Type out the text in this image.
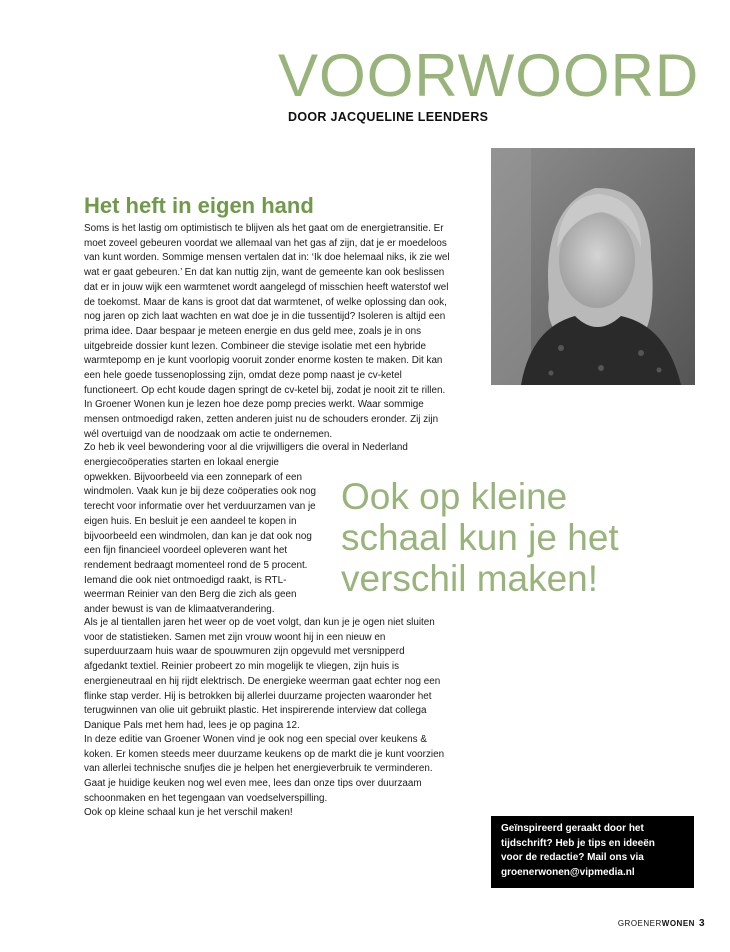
VOORWOORD
DOOR JACQUELINE LEENDERS
Het heft in eigen hand

Soms is het lastig om optimistisch te blijven als het gaat om de energietransitie. Er moet zoveel gebeuren voordat we allemaal van het gas af zijn, dat je er moedeloos van kunt worden. Sommige mensen vertalen dat in: ‘Ik doe helemaal niks, ik zie wel wat er gaat gebeuren.’ En dat kan nuttig zijn, want de gemeente kan ook beslissen dat er in jouw wijk een warmtenet wordt aangelegd of misschien heeft waterstof wel de toekomst. Maar de kans is groot dat dat warmtenet, of welke oplossing dan ook, nog jaren op zich laat wachten en wat doe je in die tussentijd? Isoleren is altijd een prima idee. Daar bespaar je meteen energie en dus geld mee, zoals je in ons uitgebreide dossier kunt lezen. Combineer die stevige isolatie met een hybride warmtepomp en je kunt voorlopig vooruit zonder enorme kosten te maken. Dit kan een hele goede tussenoplossing zijn, omdat deze pomp naast je cv-ketel functioneert. Op echt koude dagen springt de cv-ketel bij, zodat je nooit zit te rillen. In Groener Wonen kun je lezen hoe deze pomp precies werkt. Waar sommige mensen ontmoedigd raken, zetten anderen juist nu de schouders eronder. Zij zijn wél overtuigd van de noodzaak om actie te ondernemen.

Zo heb ik veel bewondering voor al die vrijwilligers die overal in Nederland

energiecoöperaties starten en lokaal energie opwekken. Bijvoorbeeld via een zonnepark of een windmolen. Vaak kun je bij deze coöperaties ook nog terecht voor informatie over het verduurzamen van je eigen huis. En besluit je een aandeel te kopen in bijvoorbeeld een windmolen, dan kan je dat ook nog een fijn financieel voordeel opleveren want het rendement bedraagt momenteel rond de 5 procent. Iemand die ook niet ontmoedigd raakt, is RTL-weerman Reinier van den Berg die zich als geen ander bewust is van de klimaatverandering.

Als je al tientallen jaren het weer op de voet volgt, dan kun je je ogen niet sluiten voor de statistieken. Samen met zijn vrouw woont hij in een nieuw en superduurzaam huis waar de spouwmuren zijn opgevuld met versnipperd afgedankt textiel. Reinier probeert zo min mogelijk te vliegen, zijn huis is energieneutraal en hij rijdt elektrisch. De energieke weerman gaat echter nog een flinke stap verder. Hij is betrokken bij allerlei duurzame projecten waaronder het terugwinnen van olie uit gebruikt plastic. Het inspirerende interview dat collega Danique Pals met hem had, lees je op pagina 12.

In deze editie van Groener Wonen vind je ook nog een special over keukens & koken. Er komen steeds meer duurzame keukens op de markt die je kunt voorzien van allerlei technische snufjes die je helpen het energieverbruik te verminderen. Gaat je huidige keuken nog wel even mee, lees dan onze tips over duurzaam schoonmaken en het tegengaan van voedselverspilling.

Ook op kleine schaal kun je het verschil maken!

Ook op kleine
schaal kun je het
verschil maken!
Geïnspireerd geraakt door het
tijdschrift? Heb je tips en ideeën
voor de redactie? Mail ons via
groenerwonen@vipmedia.nl
GROENERWONEN 3
